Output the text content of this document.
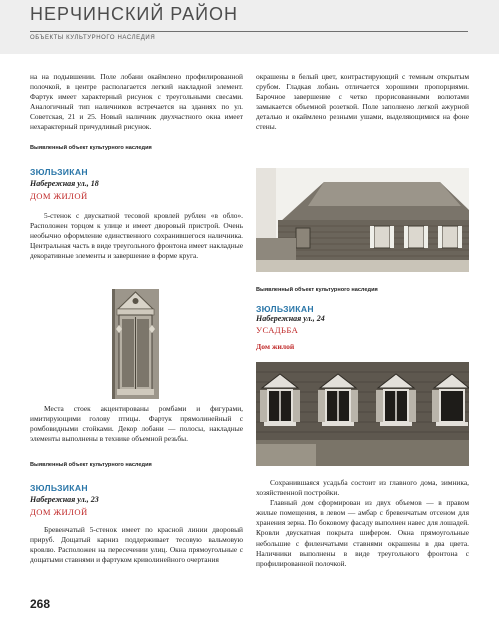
НЕРЧИНСКИЙ РАЙОН
ОБЪЕКТЫ КУЛЬТУРНОГО НАСЛЕДИЯ

на на подывшении. Поле лобани окаймлено профилированной полочкой, в центре располагается легкий накладной элемент. Фартук имеет характерный рисунок с треугольными свесами. Аналогичный тип наличников встречается на зданиях по ул. Советская, 21 и 25. Новый наличник двухчастного окна имеет нехарактерный причудливый рисунок.

Выявленный объект культурного наследия
ЗЮЛЬЗИКАН
Набережная ул., 18
ДОМ ЖИЛОЙ

5-стенок с двускатной тесовой кровлей рублен «в обло». Расположен торцом к улице и имеет дворовый пристрой. Очень необычно оформление единственного сохранившегося наличника. Центральная часть в виде треугольного фронтона имеет накладные декоративные элементы и завершение в форме круга.

Места стоек акцентированы ромбами и фигурами, имитирующими голову птицы. Фартук прямолинейный с ромбовидными стойками. Декор лобани — полосы, накладные элементы выполнены в технике объемной резьбы.

Выявленный объект культурного наследия
ЗЮЛЬЗИКАН
Набережная ул., 23
ДОМ ЖИЛОЙ

Бревенчатый 5-стенок имеет по красной линии дворовый прируб. Дощатый карниз поддерживает тесовую вальмовую кровлю. Расположен на пересечении улиц. Окна прямоугольные с дощатыми ставнями и фартуком криволинейного очертания

окрашены в белый цвет, контрастирующий с темным открытым срубом. Гладкая лобань отличается хорошими пропорциями. Барочное завершение с четко прорисованными волютами замыкается объемной розеткой. Поле заполнено легкой ажурной деталью и окаймлено резными ушами, выделяющимися на фоне стены.

Выявленный объект культурного наследия
ЗЮЛЬЗИКАН
Набережная ул., 24
УСАДЬБА
Дом жилой

Сохранившаяся усадьба состоит из главного дома, зимника, хозяйственной постройки.

Главный дом сформирован из двух объемов — в правом жилые помещения, в левом — амбар с бревенчатым отсеном для хранения зерна. По боковому фасаду выполнен навес для лошадей. Кровли двускатная покрыта шифером. Окна прямоугольные небольшие с филенчатыми ставнями окрашены в два цвета. Наличники выполнены в виде треугольного фронтона с профилированной полочкой.

268
